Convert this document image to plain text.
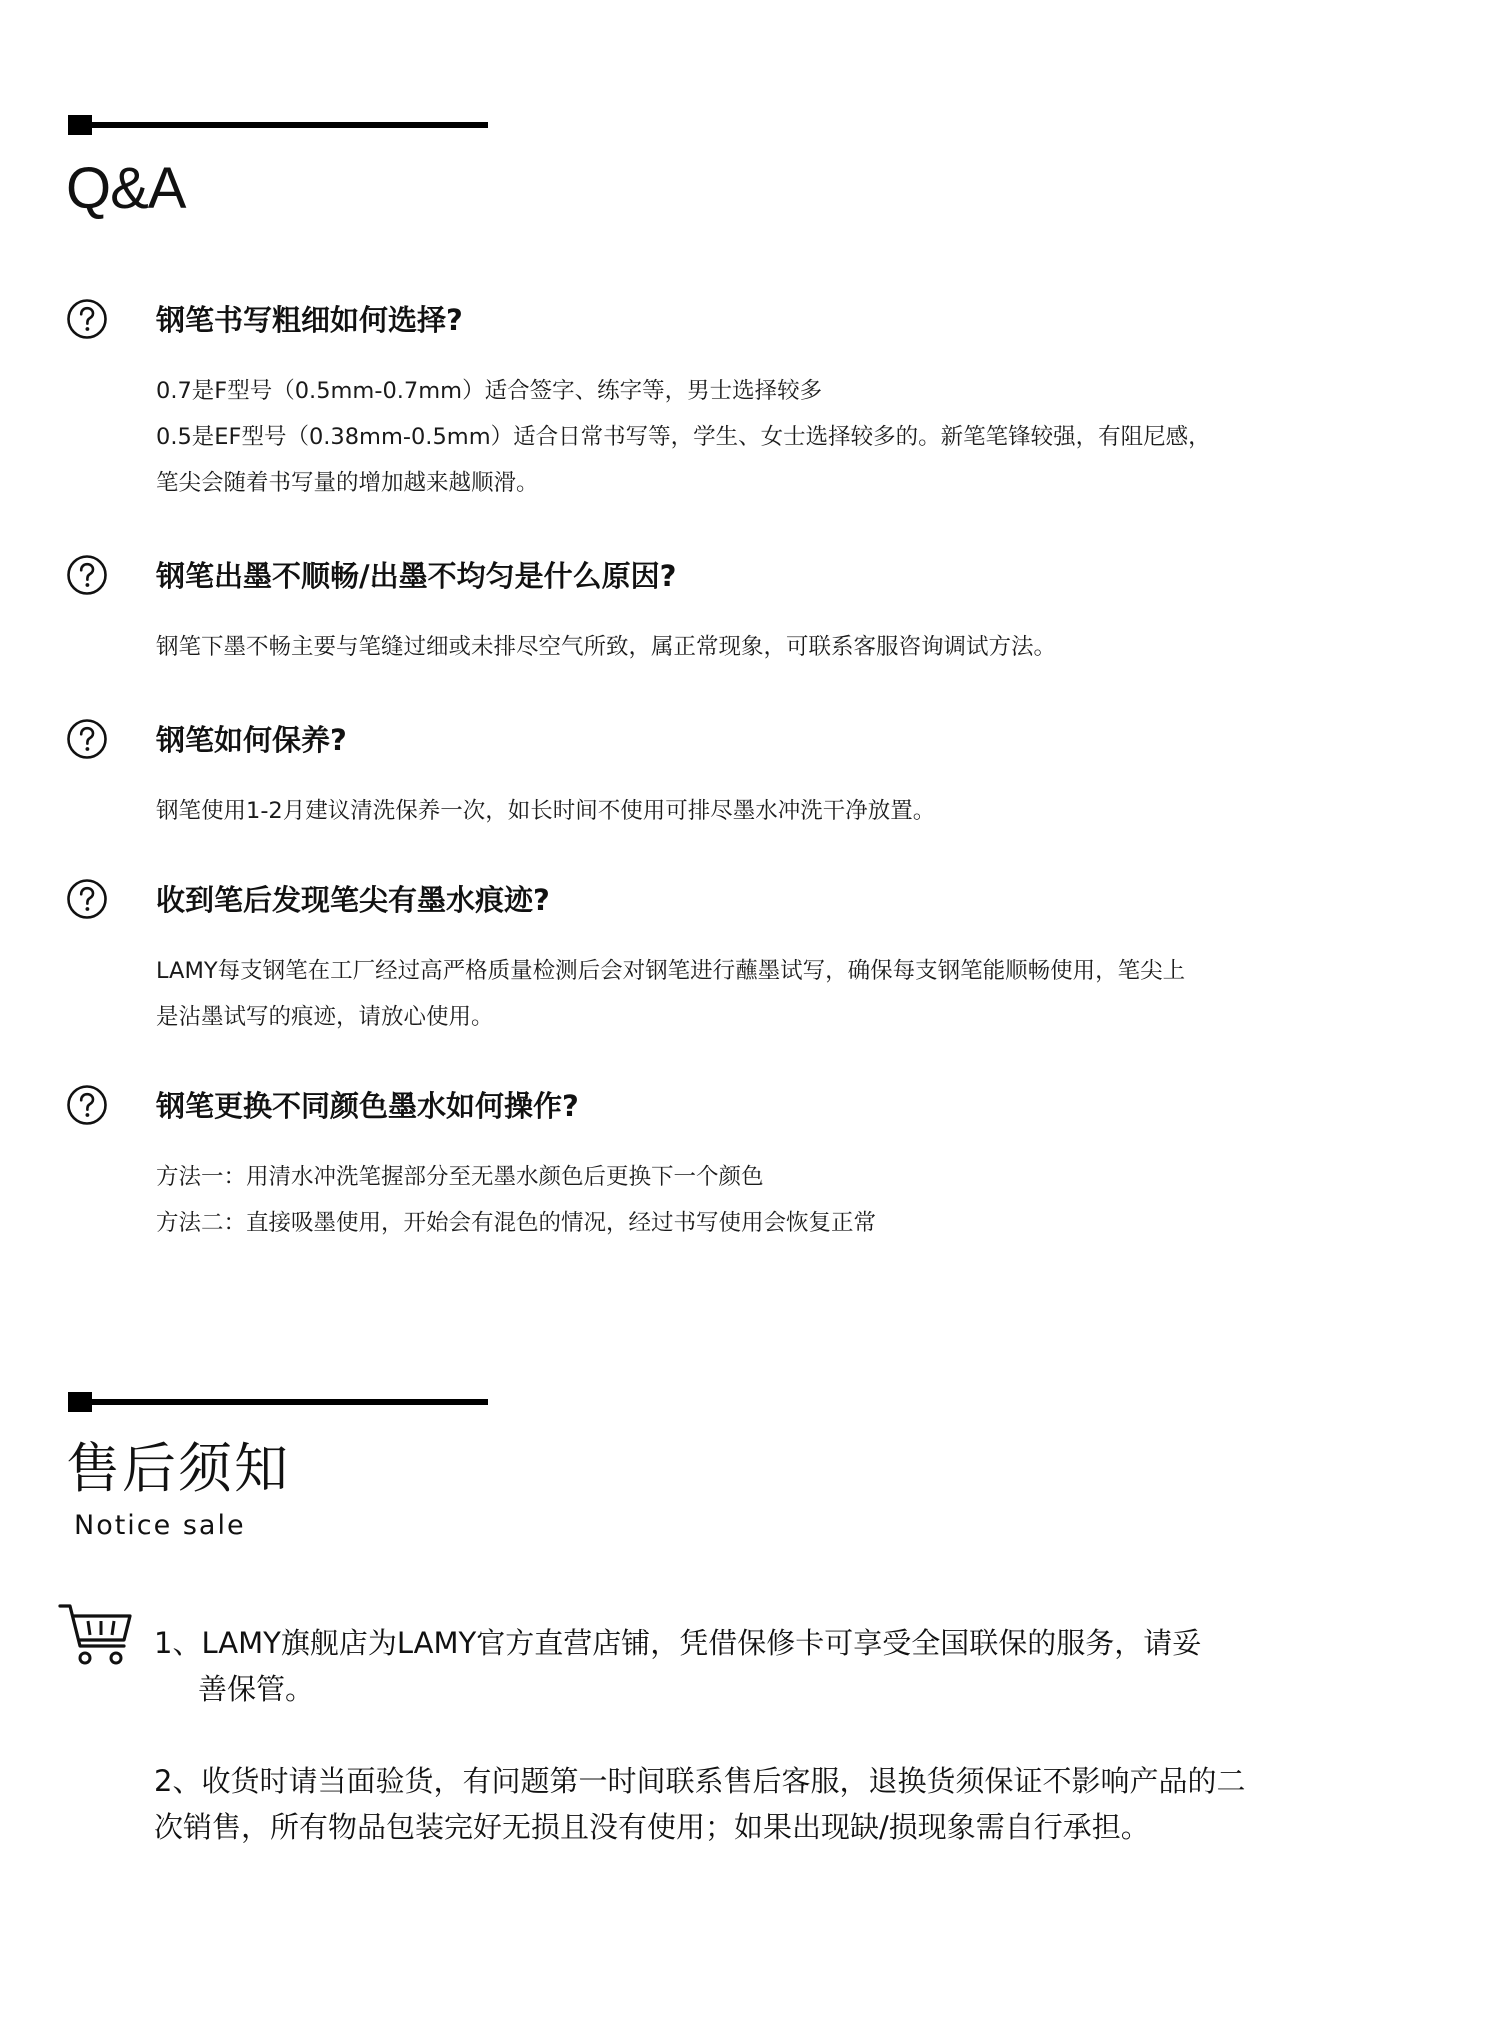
Q&A
钢笔书写粗细如何选择?
0.7是F型号（0.5mm-0.7mm）适合签字、练字等，男士选择较多
0.5是EF型号（0.38mm-0.5mm）适合日常书写等，学生、女士选择较多的。新笔笔锋较强，有阻尼感，
笔尖会随着书写量的增加越来越顺滑。
钢笔出墨不顺畅/出墨不均匀是什么原因?
钢笔下墨不畅主要与笔缝过细或未排尽空气所致，属正常现象，可联系客服咨询调试方法。
钢笔如何保养?
钢笔使用1-2月建议清洗保养一次，如长时间不使用可排尽墨水冲洗干净放置。
收到笔后发现笔尖有墨水痕迹?
LAMY每支钢笔在工厂经过高严格质量检测后会对钢笔进行蘸墨试写，确保每支钢笔能顺畅使用，笔尖上
是沾墨试写的痕迹，请放心使用。
钢笔更换不同颜色墨水如何操作?
方法一：用清水冲洗笔握部分至无墨水颜色后更换下一个颜色
方法二：直接吸墨使用，开始会有混色的情况，经过书写使用会恢复正常
售后须知
Notice sale
1、LAMY旗舰店为LAMY官方直营店铺，凭借保修卡可享受全国联保的服务，请妥
善保管。
2、收货时请当面验货，有问题第一时间联系售后客服，退换货须保证不影响产品的二
次销售，所有物品包装完好无损且没有使用；如果出现缺/损现象需自行承担。
